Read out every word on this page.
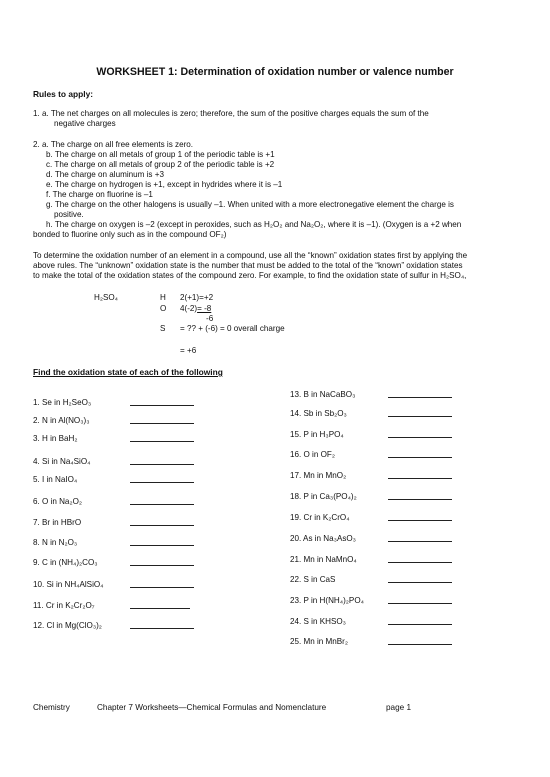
WORKSHEET 1: Determination of oxidation number or valence number
Rules to apply:
1. a. The net charges on all molecules is zero; therefore, the sum of the positive charges equals the sum of the
negative charges
2. a. The charge on all free elements is zero.
b. The charge on all metals of group 1 of the periodic table is +1
c. The charge on all metals of group 2 of the periodic table is +2
d. The charge on aluminum is +3
e. The charge on hydrogen is +1, except in hydrides where it is –1
f. The charge on fluorine is –1
g. The charge on the other halogens is usually –1. When united with a more electronegative element the charge is
positive.
h. The charge on oxygen is –2 (except in peroxides, such as H₂O₂ and Na₂O₂, where it is –1). (Oxygen is a +2 when
bonded to fluorine only such as in the compound OF₂)
To determine the oxidation number of an element in a compound, use all the “known” oxidation states first by applying the
above rules. The “unknown” oxidation state is the number that must be added to the total of the “known” oxidation states
to make the total of the oxidation states of the compound zero. For example, to find the oxidation state of sulfur in H₂SO₄,
H₂SO₄	H 2(+1)=+2
O 4(-2)= -8
-6
S = ?? + (-6) = 0 overall charge
= +6
Find the oxidation state of each of the following
1. Se in H₂SeO₃
2. N in Al(NO₃)₃
3. H in BaH₂
4. Si in Na₄SiO₄
5. I in NaIO₄
6. O in Na₂O₂
7. Br in HBrO
8. N in N₂O₃
9. C in (NH₄)₂CO₃
10. Si in NH₄AlSiO₄
11. Cr in K₂Cr₂O₇
12. Cl in Mg(ClO₃)₂
13. B in NaCaBO₃
14. Sb in Sb₂O₃
15. P in H₃PO₄
16. O in OF₂
17. Mn in MnO₂
18. P in Ca₃(PO₄)₂
19. Cr in K₂CrO₄
20. As in Na₃AsO₃
21. Mn in NaMnO₄
22. S in CaS
23. P in H(NH₄)₂PO₄
24. S in KHSO₃
25. Mn in MnBr₂
Chemistry	Chapter 7 Worksheets—Chemical Formulas and Nomenclature	page 1
